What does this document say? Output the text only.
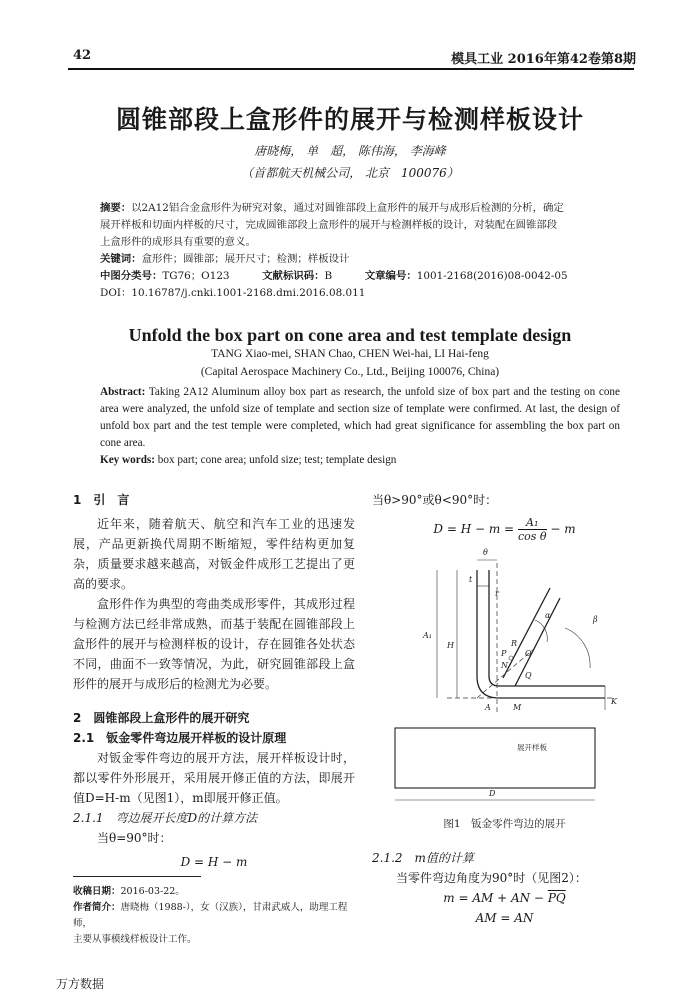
42	模具工业 2016年第42卷第8期
圆锥部段上盒形件的展开与检测样板设计
唐晓梅， 单　超， 陈伟海， 李海峰
（首都航天机械公司， 北京　100076）
摘要：以2A12铝合金盒形件为研究对象，通过对圆锥部段上盒形件的展开与成形后检测的分析，确定
展开样板和切面内样板的尺寸，完成圆锥部段上盒形件的展开与检测样板的设计，对装配在圆锥部段
上盒形件的成形具有重要的意义。
关键词：盒形件；圆锥部；展开尺寸；检测；样板设计
中图分类号：TG76；O123	文献标识码：B	文章编号：1001-2168(2016)08-0042-05
DOI：10.16787/j.cnki.1001-2168.dmi.2016.08.011
Unfold the box part on cone area and test template design
TANG Xiao-mei, SHAN Chao, CHEN Wei-hai, LI Hai-feng
(Capital Aerospace Machinery Co., Ltd., Beijing 100076, China)
Abstract: Taking 2A12 Aluminum alloy box part as research, the unfold size of box part and the testing on cone area were analyzed, the unfold size of template and section size of template were confirmed. At last, the design of unfold box part and the test temple were completed, which had great significance for assembling the box part on cone area.
Key words: box part; cone area; unfold size; test; template design
1　引　言
近年来，随着航天、航空和汽车工业的迅速发展，产品更新换代周期不断缩短，零件结构更加复杂，质量要求越来越高，对钣金件成形工艺提出了更高的要求。
盒形件作为典型的弯曲类成形零件，其成形过程与检测方法已经非常成熟，而基于装配在圆锥部段上盒形件的展开与检测样板的设计，存在圆锥各处状态不同，曲面不一致等情况，为此，研究圆锥部段上盒形件的展开与成形后的检测尤为必要。
2　圆锥部段上盒形件的展开研究
2.1　钣金零件弯边展开样板的设计原理
对钣金零件弯边的展开方法，展开样板设计时，都以零件外形展开，采用展开修正值的方法，即展开值D=H-m（见图1），m即展开修正值。
2.1.1　弯边展开长度D的计算方法
当θ=90°时：
D = H − m
收稿日期：2016-03-22。
作者简介：唐晓梅（1988-），女（汉族），甘肃武威人，助理工程师，
主要从事模线样板设计工作。
当θ>90°或θ<90°时：
$D = H - m = \frac{\text{A₁}}{\text{cos θ}} - m$
θ
t
r
A₁
H	R
P
N
O
Q
A	M
K
α	β
展开样板
D
图1　钣金零件弯边的展开
2.1.2　m值的计算
当零件弯边角度为90°时（见图2）：
m = AM + AN − $\overline{PQ}$
AM = AN
万方数据
